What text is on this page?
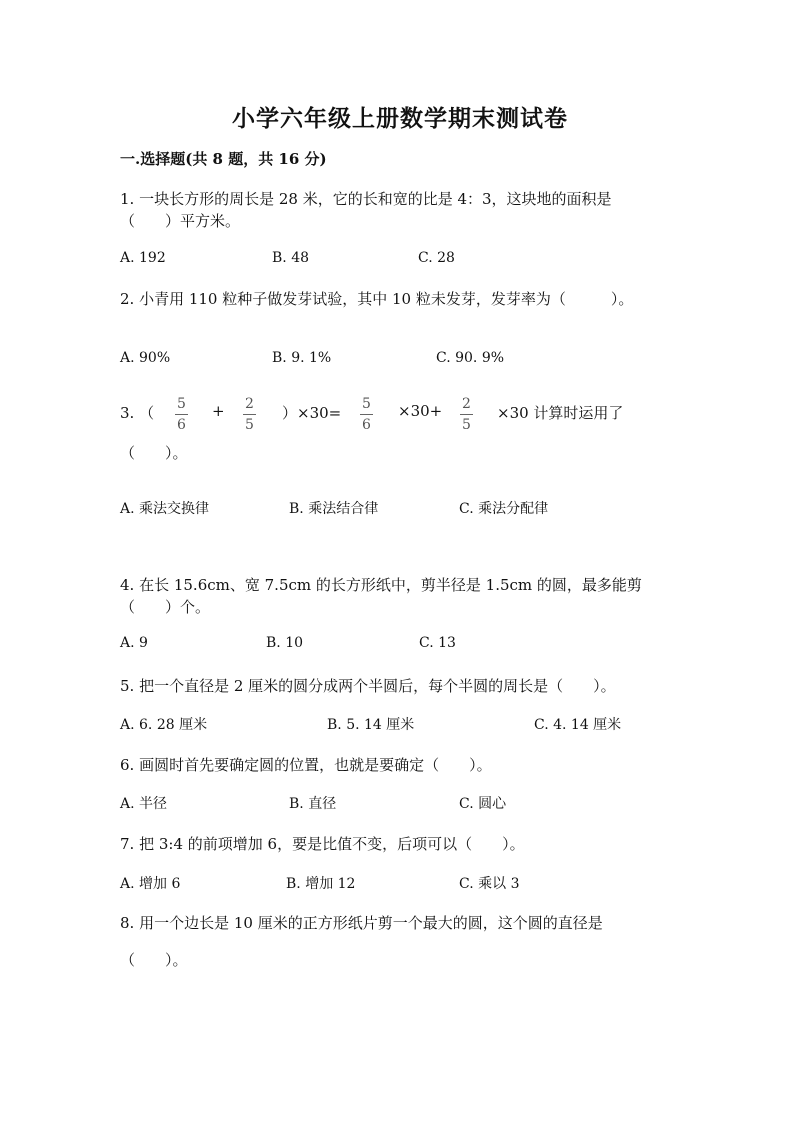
小学六年级上册数学期末测试卷
一.选择题(共 8 题，共 16 分)
1. 一块长方形的周长是 28 米，它的长和宽的比是 4：3，这块地的面积是
（　　）平方米。
A. 192	B. 48	C. 28
2. 小青用 110 粒种子做发芽试验，其中 10 粒未发芽，发芽率为（　　　）。
A. 90%	B. 9. 1%	C. 90. 9%
3. （ 5
6
+ 2
5
）×30= 5
6
×30+ 2
5
×30 计算时运用了
（　　）。
A. 乘法交换律	B. 乘法结合律	C. 乘法分配律
4. 在长 15.6cm、宽 7.5cm 的长方形纸中，剪半径是 1.5cm 的圆，最多能剪
（　　）个。
A. 9	B. 10	C. 13
5. 把一个直径是 2 厘米的圆分成两个半圆后，每个半圆的周长是（　　）。
A. 6. 28 厘米	B. 5. 14 厘米	C. 4. 14 厘米
6. 画圆时首先要确定圆的位置，也就是要确定（　　）。
A. 半径	B. 直径	C. 圆心
7. 把 3:4 的前项增加 6，要是比值不变，后项可以（　　）。
A. 增加 6	B. 增加 12	C. 乘以 3
8. 用一个边长是 10 厘米的正方形纸片剪一个最大的圆，这个圆的直径是
（　　）。
